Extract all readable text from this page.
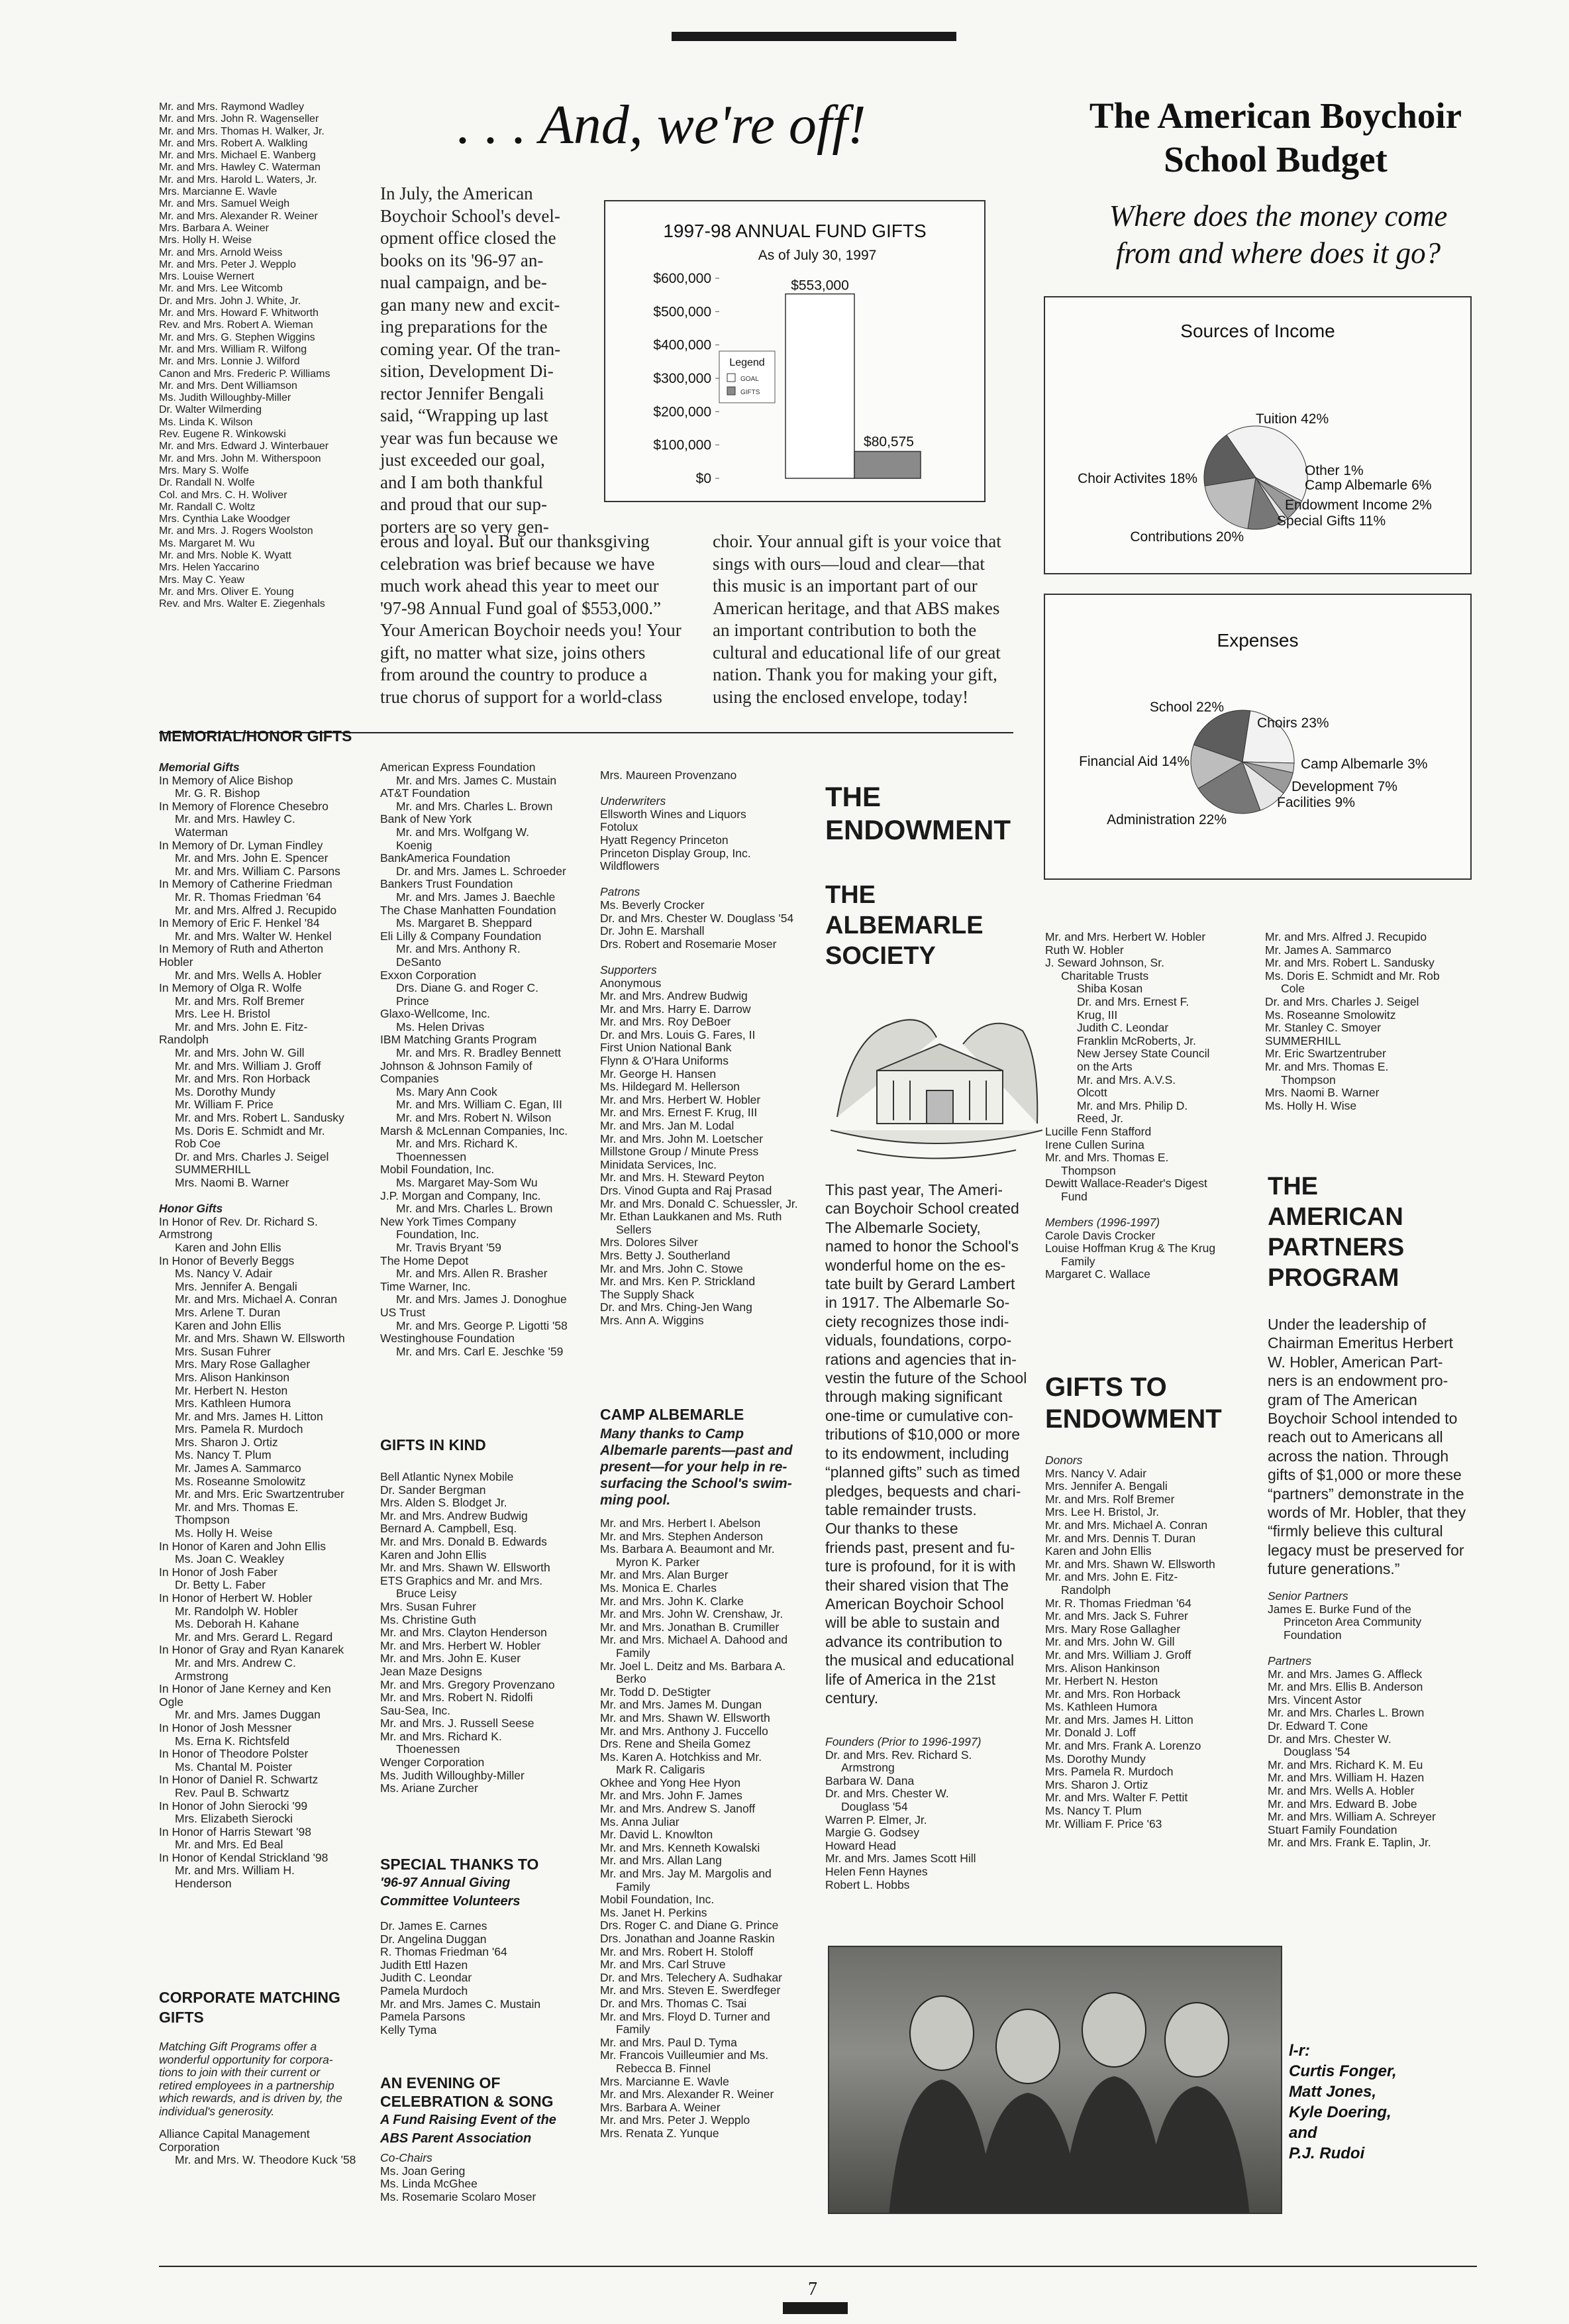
Mr. and Mrs. Raymond Wadley
Mr. and Mrs. John R. Wagenseller
Mr. and Mrs. Thomas H. Walker, Jr.
Mr. and Mrs. Robert A. Walkling
Mr. and Mrs. Michael E. Wanberg
Mr. and Mrs. Hawley C. Waterman
Mr. and Mrs. Harold L. Waters, Jr.
Mrs. Marcianne E. Wavle
Mr. and Mrs. Samuel Weigh
Mr. and Mrs. Alexander R. Weiner
Mrs. Barbara A. Weiner
Mrs. Holly H. Weise
Mr. and Mrs. Arnold Weiss
Mr. and Mrs. Peter J. Wepplo
Mrs. Louise Wernert
Mr. and Mrs. Lee Witcomb
Dr. and Mrs. John J. White, Jr.
Mr. and Mrs. Howard F. Whitworth
Rev. and Mrs. Robert A. Wieman
Mr. and Mrs. G. Stephen Wiggins
Mr. and Mrs. William R. Wilfong
Mr. and Mrs. Lonnie J. Wilford
Canon and Mrs. Frederic P. Williams
Mr. and Mrs. Dent Williamson
Ms. Judith Willoughby-Miller
Dr. Walter Wilmerding
Ms. Linda K. Wilson
Rev. Eugene R. Winkowski
Mr. and Mrs. Edward J. Winterbauer
Mr. and Mrs. John M. Witherspoon
Mrs. Mary S. Wolfe
Dr. Randall N. Wolfe
Col. and Mrs. C. H. Woliver
Mr. Randall C. Woltz
Mrs. Cynthia Lake Woodger
Mr. and Mrs. J. Rogers Woolston
Ms. Margaret M. Wu
Mr. and Mrs. Noble K. Wyatt
Mrs. Helen Yaccarino
Mrs. May C. Yeaw
Mr. and Mrs. Oliver E. Young
Rev. and Mrs. Walter E. Ziegenhals
. . . And, we're off!
In July, the American
Boychoir School's devel-
opment office closed the
books on its '96-97 an-
nual campaign, and be-
gan many new and excit-
ing preparations for the
coming year. Of the tran-
sition, Development Di-
rector Jennifer Bengali
said, “Wrapping up last
year was fun because we
just exceeded our goal,
and I am both thankful
and proud that our sup-
porters are so very gen-
1997-98 ANNUAL FUND GIFTS
As of July 30, 1997
$600,000
$500,000
$400,000
$300,000
$200,000
$100,000
$0
$553,000
$80,575
Legend
GOAL
GIFTS
erous and loyal. But our thanksgiving
celebration was brief because we have
much work ahead this year to meet our
'97-98 Annual Fund goal of $553,000.”
Your American Boychoir needs you! Your
gift, no matter what size, joins others
from around the country to produce a
true chorus of support for a world-class
choir. Your annual gift is your voice that
sings with ours—loud and clear—that
this music is an important part of our
American heritage, and that ABS makes
an important contribution to both the
cultural and educational life of our great
nation. Thank you for making your gift,
using the enclosed envelope, today!
The American Boychoir
School Budget
Where does the money come
from and where does it go?
Sources of Income
Tuition 42%
Other 1%
Camp Albemarle 6%
Endowment Income 2%
Special Gifts 11%
Contributions 20%
Choir Activites 18%
Expenses
Choirs 23%
Camp Albemarle 3%
Development 7%
Facilities 9%
Administration 22%
Financial Aid 14%
School 22%
MEMORIAL/HONOR GIFTS
Memorial Gifts
In Memory of Alice Bishop
Mr. G. R. Bishop
In Memory of Florence Chesebro
Mr. and Mrs. Hawley C.
Waterman
In Memory of Dr. Lyman Findley
Mr. and Mrs. John E. Spencer
Mr. and Mrs. William C. Parsons
In Memory of Catherine Friedman
Mr. R. Thomas Friedman '64
Mr. and Mrs. Alfred J. Recupido
In Memory of Eric F. Henkel '84
Mr. and Mrs. Walter W. Henkel
In Memory of Ruth and Atherton
Hobler
Mr. and Mrs. Wells A. Hobler
In Memory of Olga R. Wolfe
Mr. and Mrs. Rolf Bremer
Mrs. Lee H. Bristol
Mr. and Mrs. John E. Fitz-
Randolph
Mr. and Mrs. John W. Gill
Mr. and Mrs. William J. Groff
Mr. and Mrs. Ron Horback
Ms. Dorothy Mundy
Mr. William F. Price
Mr. and Mrs. Robert L. Sandusky
Ms. Doris E. Schmidt and Mr.
Rob Coe
Dr. and Mrs. Charles J. Seigel
SUMMERHILL
Mrs. Naomi B. Warner
Honor Gifts
In Honor of Rev. Dr. Richard S.
Armstrong
Karen and John Ellis
In Honor of Beverly Beggs
Ms. Nancy V. Adair
Mrs. Jennifer A. Bengali
Mr. and Mrs. Michael A. Conran
Mrs. Arlene T. Duran
Karen and John Ellis
Mr. and Mrs. Shawn W. Ellsworth
Mrs. Susan Fuhrer
Mrs. Mary Rose Gallagher
Mrs. Alison Hankinson
Mr. Herbert N. Heston
Mrs. Kathleen Humora
Mr. and Mrs. James H. Litton
Mrs. Pamela R. Murdoch
Mrs. Sharon J. Ortiz
Ms. Nancy T. Plum
Mr. James A. Sammarco
Ms. Roseanne Smolowitz
Mr. and Mrs. Eric Swartzentruber
Mr. and Mrs. Thomas E.
Thompson
Ms. Holly H. Weise
In Honor of Karen and John Ellis
Ms. Joan C. Weakley
In Honor of Josh Faber
Dr. Betty L. Faber
In Honor of Herbert W. Hobler
Mr. Randolph W. Hobler
Ms. Deborah H. Kahane
Mr. and Mrs. Gerard L. Regard
In Honor of Gray and Ryan Kanarek
Mr. and Mrs. Andrew C.
Armstrong
In Honor of Jane Kerney and Ken
Ogle
Mr. and Mrs. James Duggan
In Honor of Josh Messner
Ms. Erna K. Richtsfeld
In Honor of Theodore Polster
Ms. Chantal M. Poister
In Honor of Daniel R. Schwartz
Rev. Paul B. Schwartz
In Honor of John Sierocki '99
Mrs. Elizabeth Sierocki
In Honor of Harris Stewart '98
Mr. and Mrs. Ed Beal
In Honor of Kendal Strickland '98
Mr. and Mrs. William H.
Henderson
CORPORATE MATCHING
GIFTS
Matching Gift Programs offer a
wonderful opportunity for corpora-
tions to join with their current or
retired employees in a partnership
which rewards, and is driven by, the
individual's generosity.
Alliance Capital Management
Corporation
Mr. and Mrs. W. Theodore Kuck '58
American Express Foundation
Mr. and Mrs. James C. Mustain
AT&T Foundation
Mr. and Mrs. Charles L. Brown
Bank of New York
Mr. and Mrs. Wolfgang W.
Koenig
BankAmerica Foundation
Dr. and Mrs. James L. Schroeder
Bankers Trust Foundation
Mr. and Mrs. James J. Baechle
The Chase Manhatten Foundation
Ms. Margaret B. Sheppard
Eli Lilly & Company Foundation
Mr. and Mrs. Anthony R.
DeSanto
Exxon Corporation
Drs. Diane G. and Roger C.
Prince
Glaxo-Wellcome, Inc.
Ms. Helen Drivas
IBM Matching Grants Program
Mr. and Mrs. R. Bradley Bennett
Johnson & Johnson Family of
Companies
Ms. Mary Ann Cook
Mr. and Mrs. William C. Egan, III
Mr. and Mrs. Robert N. Wilson
Marsh & McLennan Companies, Inc.
Mr. and Mrs. Richard K.
Thoennessen
Mobil Foundation, Inc.
Ms. Margaret May-Som Wu
J.P. Morgan and Company, Inc.
Mr. and Mrs. Charles L. Brown
New York Times Company
Foundation, Inc.
Mr. Travis Bryant '59
The Home Depot
Mr. and Mrs. Allen R. Brasher
Time Warner, Inc.
Mr. and Mrs. James J. Donoghue
US Trust
Mr. and Mrs. George P. Ligotti '58
Westinghouse Foundation
Mr. and Mrs. Carl E. Jeschke '59
GIFTS IN KIND
Bell Atlantic Nynex Mobile
Dr. Sander Bergman
Mrs. Alden S. Blodget Jr.
Mr. and Mrs. Andrew Budwig
Bernard A. Campbell, Esq.
Mr. and Mrs. Donald B. Edwards
Karen and John Ellis
Mr. and Mrs. Shawn W. Ellsworth
ETS Graphics and Mr. and Mrs.
Bruce Leisy
Mrs. Susan Fuhrer
Ms. Christine Guth
Mr. and Mrs. Clayton Henderson
Mr. and Mrs. Herbert W. Hobler
Mr. and Mrs. John E. Kuser
Jean Maze Designs
Mr. and Mrs. Gregory Provenzano
Mr. and Mrs. Robert N. Ridolfi
Sau-Sea, Inc.
Mr. and Mrs. J. Russell Seese
Mr. and Mrs. Richard K.
Thoenessen
Wenger Corporation
Ms. Judith Willoughby-Miller
Ms. Ariane Zurcher
SPECIAL THANKS TO
'96-97 Annual Giving
Committee Volunteers
Dr. James E. Carnes
Dr. Angelina Duggan
R. Thomas Friedman '64
Judith Ettl Hazen
Judith C. Leondar
Pamela Murdoch
Mr. and Mrs. James C. Mustain
Pamela Parsons
Kelly Tyma
AN EVENING OF
CELEBRATION & SONG
A Fund Raising Event of the
ABS Parent Association
Co-Chairs
Ms. Joan Gering
Ms. Linda McGhee
Ms. Rosemarie Scolaro Moser
Mrs. Maureen Provenzano
Underwriters
Ellsworth Wines and Liquors
Fotolux
Hyatt Regency Princeton
Princeton Display Group, Inc.
Wildflowers
Patrons
Ms. Beverly Crocker
Dr. and Mrs. Chester W. Douglass '54
Dr. John E. Marshall
Drs. Robert and Rosemarie Moser
Supporters
Anonymous
Mr. and Mrs. Andrew Budwig
Mr. and Mrs. Harry E. Darrow
Mr. and Mrs. Roy DeBoer
Dr. and Mrs. Louis G. Fares, II
First Union National Bank
Flynn & O'Hara Uniforms
Mr. George H. Hansen
Ms. Hildegard M. Hellerson
Mr. and Mrs. Herbert W. Hobler
Mr. and Mrs. Ernest F. Krug, III
Mr. and Mrs. Jan M. Lodal
Mr. and Mrs. John M. Loetscher
Millstone Group / Minute Press
Minidata Services, Inc.
Mr. and Mrs. H. Steward Peyton
Drs. Vinod Gupta and Raj Prasad
Mr. and Mrs. Donald C. Schuessler, Jr.
Mr. Ethan Laukkanen and Ms. Ruth
Sellers
Mrs. Dolores Silver
Mrs. Betty J. Southerland
Mr. and Mrs. John C. Stowe
Mr. and Mrs. Ken P. Strickland
The Supply Shack
Dr. and Mrs. Ching-Jen Wang
Mrs. Ann A. Wiggins
CAMP ALBEMARLE
Many thanks to Camp
Albemarle parents—past and
present—for your help in re-
surfacing the School's swim-
ming pool.
Mr. and Mrs. Herbert I. Abelson
Mr. and Mrs. Stephen Anderson
Ms. Barbara A. Beaumont and Mr.
Myron K. Parker
Mr. and Mrs. Alan Burger
Ms. Monica E. Charles
Mr. and Mrs. John K. Clarke
Mr. and Mrs. John W. Crenshaw, Jr.
Mr. and Mrs. Jonathan B. Crumiller
Mr. and Mrs. Michael A. Dahood and
Family
Mr. Joel L. Deitz and Ms. Barbara A.
Berko
Mr. Todd D. DeStigter
Mr. and Mrs. James M. Dungan
Mr. and Mrs. Shawn W. Ellsworth
Mr. and Mrs. Anthony J. Fuccello
Drs. Rene and Sheila Gomez
Ms. Karen A. Hotchkiss and Mr.
Mark R. Caligaris
Okhee and Yong Hee Hyon
Mr. and Mrs. John F. James
Mr. and Mrs. Andrew S. Janoff
Ms. Anna Juliar
Mr. David L. Knowlton
Mr. and Mrs. Kenneth Kowalski
Mr. and Mrs. Allan Lang
Mr. and Mrs. Jay M. Margolis and
Family
Mobil Foundation, Inc.
Ms. Janet H. Perkins
Drs. Roger C. and Diane G. Prince
Drs. Jonathan and Joanne Raskin
Mr. and Mrs. Robert H. Stoloff
Mr. and Mrs. Carl Struve
Dr. and Mrs. Telechery A. Sudhakar
Mr. and Mrs. Steven E. Swerdfeger
Dr. and Mrs. Thomas C. Tsai
Mr. and Mrs. Floyd D. Turner and
Family
Mr. and Mrs. Paul D. Tyma
Mr. Francois Vuilleumier and Ms.
Rebecca B. Finnel
Mrs. Marcianne E. Wavle
Mr. and Mrs. Alexander R. Weiner
Mrs. Barbara A. Weiner
Mr. and Mrs. Peter J. Wepplo
Mrs. Renata Z. Yunque
THE
ENDOWMENT
THE
ALBEMARLE
SOCIETY
This past year, The Ameri-
can Boychoir School created
The Albemarle Society,
named to honor the School's
wonderful home on the es-
tate built by Gerard Lambert
in 1917. The Albemarle So-
ciety recognizes those indi-
viduals, foundations, corpo-
rations and agencies that in-
vestin the future of the School
through making significant
one-time or cumulative con-
tributions of $10,000 or more
to its endowment, including
“planned gifts” such as timed
pledges, bequests and chari-
table remainder trusts.
Our thanks to these
friends past, present and fu-
ture is profound, for it is with
their shared vision that The
American Boychoir School
will be able to sustain and
advance its contribution to
the musical and educational
life of America in the 21st
century.
Founders (Prior to 1996-1997)
Dr. and Mrs. Rev. Richard S.
Armstrong
Barbara W. Dana
Dr. and Mrs. Chester W.
Douglass '54
Warren P. Elmer, Jr.
Margie G. Godsey
Howard Head
Mr. and Mrs. James Scott Hill
Helen Fenn Haynes
Robert L. Hobbs
Mr. and Mrs. Herbert W. Hobler
Ruth W. Hobler
J. Seward Johnson, Sr.
Charitable Trusts
Shiba Kosan
Dr. and Mrs. Ernest F.
Krug, III
Judith C. Leondar
Franklin McRoberts, Jr.
New Jersey State Council
on the Arts
Mr. and Mrs. A.V.S.
Olcott
Mr. and Mrs. Philip D.
Reed, Jr.
Lucille Fenn Stafford
Irene Cullen Surina
Mr. and Mrs. Thomas E.
Thompson
Dewitt Wallace-Reader's Digest
Fund
Members (1996-1997)
Carole Davis Crocker
Louise Hoffman Krug & The Krug
Family
Margaret C. Wallace
GIFTS TO
ENDOWMENT
Donors
Mrs. Nancy V. Adair
Mrs. Jennifer A. Bengali
Mr. and Mrs. Rolf Bremer
Mrs. Lee H. Bristol, Jr.
Mr. and Mrs. Michael A. Conran
Mr. and Mrs. Dennis T. Duran
Karen and John Ellis
Mr. and Mrs. Shawn W. Ellsworth
Mr. and Mrs. John E. Fitz-
Randolph
Mr. R. Thomas Friedman '64
Mr. and Mrs. Jack S. Fuhrer
Mrs. Mary Rose Gallagher
Mr. and Mrs. John W. Gill
Mr. and Mrs. William J. Groff
Mrs. Alison Hankinson
Mr. Herbert N. Heston
Mr. and Mrs. Ron Horback
Ms. Kathleen Humora
Mr. and Mrs. James H. Litton
Mr. Donald J. Loff
Mr. and Mrs. Frank A. Lorenzo
Ms. Dorothy Mundy
Mrs. Pamela R. Murdoch
Mrs. Sharon J. Ortiz
Mr. and Mrs. Walter F. Pettit
Ms. Nancy T. Plum
Mr. William F. Price '63
Mr. and Mrs. Alfred J. Recupido
Mr. James A. Sammarco
Mr. and Mrs. Robert L. Sandusky
Ms. Doris E. Schmidt and Mr. Rob
Cole
Dr. and Mrs. Charles J. Seigel
Ms. Roseanne Smolowitz
Mr. Stanley C. Smoyer
SUMMERHILL
Mr. Eric Swartzentruber
Mr. and Mrs. Thomas E.
Thompson
Mrs. Naomi B. Warner
Ms. Holly H. Wise
THE
AMERICAN
PARTNERS
PROGRAM
Under the leadership of
Chairman Emeritus Herbert
W. Hobler, American Part-
ners is an endowment pro-
gram of The American
Boychoir School intended to
reach out to Americans all
across the nation. Through
gifts of $1,000 or more these
“partners” demonstrate in the
words of Mr. Hobler, that they
“firmly believe this cultural
legacy must be preserved for
future generations.”
Senior Partners
James E. Burke Fund of the
Princeton Area Community
Foundation
Partners
Mr. and Mrs. James G. Affleck
Mr. and Mrs. Ellis B. Anderson
Mrs. Vincent Astor
Mr. and Mrs. Charles L. Brown
Dr. Edward T. Cone
Dr. and Mrs. Chester W.
Douglass '54
Mr. and Mrs. Richard K. M. Eu
Mr. and Mrs. William H. Hazen
Mr. and Mrs. Wells A. Hobler
Mr. and Mrs. Edward B. Jobe
Mr. and Mrs. William A. Schreyer
Stuart Family Foundation
Mr. and Mrs. Frank E. Taplin, Jr.
l-r:
Curtis Fonger,
Matt Jones,
Kyle Doering,
and
P.J. Rudoi
7
